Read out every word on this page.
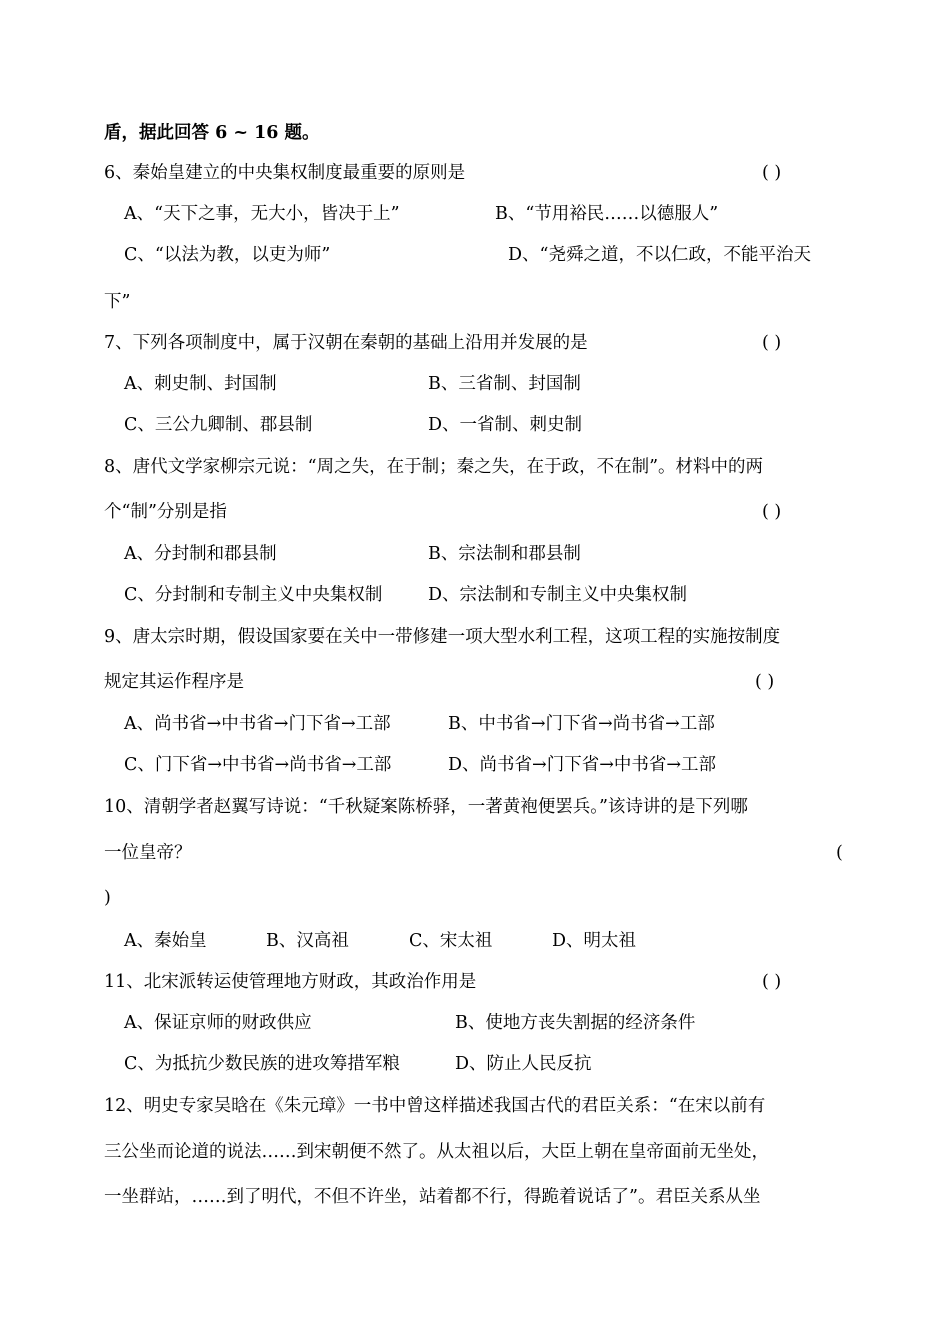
盾，据此回答 6 ~ 16 题。
6、秦始皇建立的中央集权制度最重要的原则是	( )
A、“天下之事，无大小，皆决于上”	B、“节用裕民……以德服人”
C、“以法为教，以吏为师”	D、“尧舜之道，不以仁政，不能平治天
下”
7、下列各项制度中，属于汉朝在秦朝的基础上沿用并发展的是	( )
A、刺史制、封国制	B、三省制、封国制
C、三公九卿制、郡县制	D、一省制、刺史制
8、唐代文学家柳宗元说：“周之失，在于制；秦之失，在于政，不在制”。材料中的两
个“制”分别是指	( )
A、分封制和郡县制	B、宗法制和郡县制
C、分封制和专制主义中央集权制	D、宗法制和专制主义中央集权制
9、唐太宗时期，假设国家要在关中一带修建一项大型水利工程，这项工程的实施按制度
规定其运作程序是	( )
A、尚书省→中书省→门下省→工部	B、中书省→门下省→尚书省→工部
C、门下省→中书省→尚书省→工部	D、尚书省→门下省→中书省→工部
10、清朝学者赵翼写诗说：“千秋疑案陈桥驿，一著黄袍便罢兵。”该诗讲的是下列哪
一位皇帝？	(
)
A、秦始皇	B、汉高祖	C、宋太祖	D、明太祖
11、北宋派转运使管理地方财政，其政治作用是	( )
A、保证京师的财政供应	B、使地方丧失割据的经济条件
C、为抵抗少数民族的进攻筹措军粮	D、防止人民反抗
12、明史专家吴晗在《朱元璋》一书中曾这样描述我国古代的君臣关系：“在宋以前有
三公坐而论道的说法……到宋朝便不然了。从太祖以后，大臣上朝在皇帝面前无坐处，
一坐群站，……到了明代，不但不许坐，站着都不行，得跪着说话了”。君臣关系从坐
